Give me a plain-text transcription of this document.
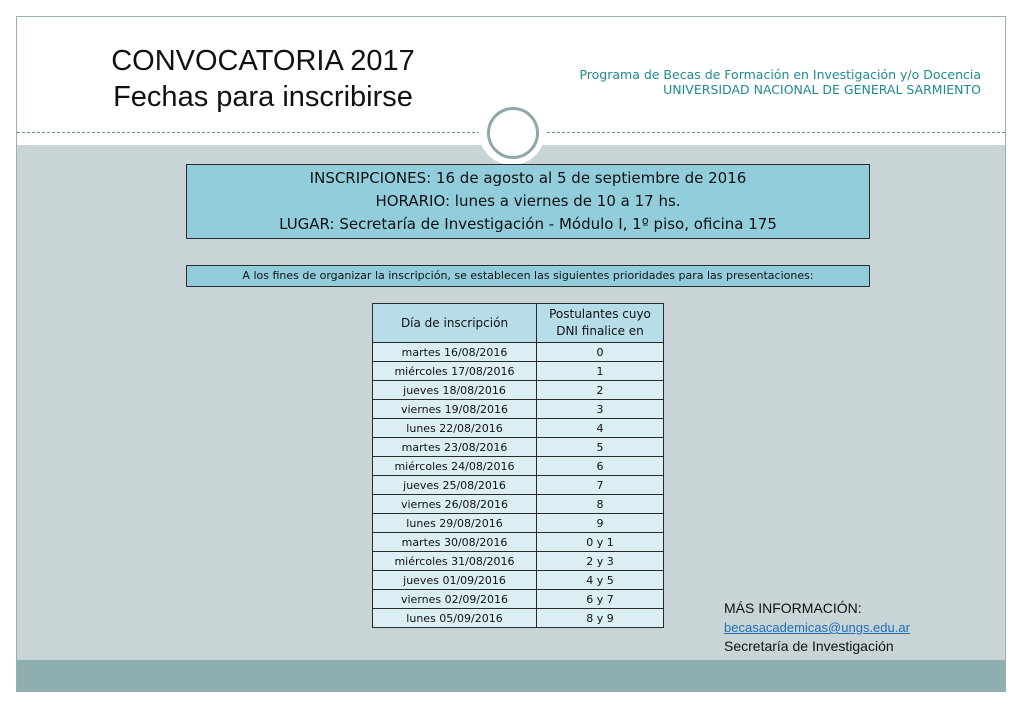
CONVOCATORIA 2017
Fechas para inscribirse
Programa de Becas de Formación en Investigación y/o Docencia
UNIVERSIDAD NACIONAL DE GENERAL SARMIENTO
INSCRIPCIONES: 16 de agosto al 5 de septiembre de 2016
HORARIO: lunes a viernes de 10 a 17 hs.
LUGAR: Secretaría de Investigación - Módulo I, 1º piso, oficina 175
A los fines de organizar la inscripción, se establecen las siguientes prioridades para las presentaciones:
Día de inscripción	Postulantes cuyo DNI finalice en
martes 16/08/2016	0
miércoles 17/08/2016	1
jueves 18/08/2016	2
viernes 19/08/2016	3
lunes 22/08/2016	4
martes 23/08/2016	5
miércoles 24/08/2016	6
jueves 25/08/2016	7
viernes 26/08/2016	8
lunes 29/08/2016	9
martes 30/08/2016	0 y 1
miércoles 31/08/2016	2 y 3
jueves 01/09/2016	4 y 5
viernes 02/09/2016	6 y 7
lunes 05/09/2016	8 y 9
MÁS INFORMACIÓN:
becasacademicas@ungs.edu.ar
Secretaría de Investigación
